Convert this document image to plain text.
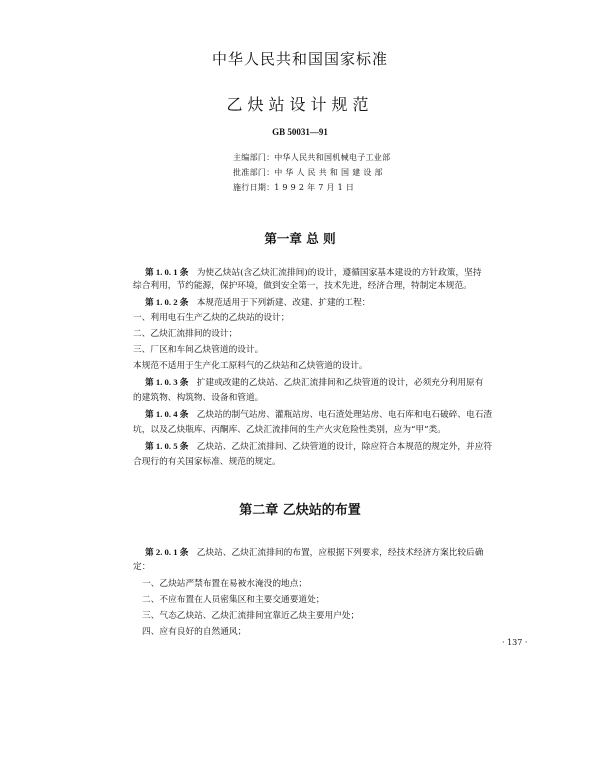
中华人民共和国国家标准
乙炔站设计规范
GB 50031—91
主编部门：中华人民共和国机械电子工业部
批准部门：中 华 人 民 共 和 国 建 设 部
施行日期：1 9 9 2 年 7 月 1 日
第一章 总 则
第 1. 0. 1 条 为使乙炔站(含乙炔汇流排间)的设计，遵循国家基本建设的方针政策，坚持
综合利用，节约能源，保护环境，做到安全第一，技术先进，经济合理，特制定本规范。
第 1. 0. 2 条 本规范适用于下列新建、改建、扩建的工程：
一、利用电石生产乙炔的乙炔站的设计；
二、乙炔汇流排间的设计；
三、厂区和车间乙炔管道的设计。
本规范不适用于生产化工原料气的乙炔站和乙炔管道的设计。
第 1. 0. 3 条 扩建或改建的乙炔站、乙炔汇流排间和乙炔管道的设计，必须充分利用原有
的建筑物、构筑物、设备和管道。
第 1. 0. 4 条 乙炔站的制气站房、灌瓶站房、电石渣处理站房、电石库和电石破碎、电石渣
坑，以及乙炔瓶库、丙酮库、乙炔汇流排间的生产火灾危险性类别，应为“甲”类。
第 1. 0. 5 条 乙炔站、乙炔汇流排间、乙炔管道的设计，除应符合本规范的规定外，并应符
合现行的有关国家标准、规范的规定。
第二章 乙炔站的布置
第 2. 0. 1 条 乙炔站、乙炔汇流排间的布置，应根据下列要求，经技术经济方案比较后确
定：
一、乙炔站严禁布置在易被水淹没的地点；
二、不应布置在人员密集区和主要交通要道处；
三、气态乙炔站、乙炔汇流排间宜靠近乙炔主要用户处；
四、应有良好的自然通风；
· 137 ·
